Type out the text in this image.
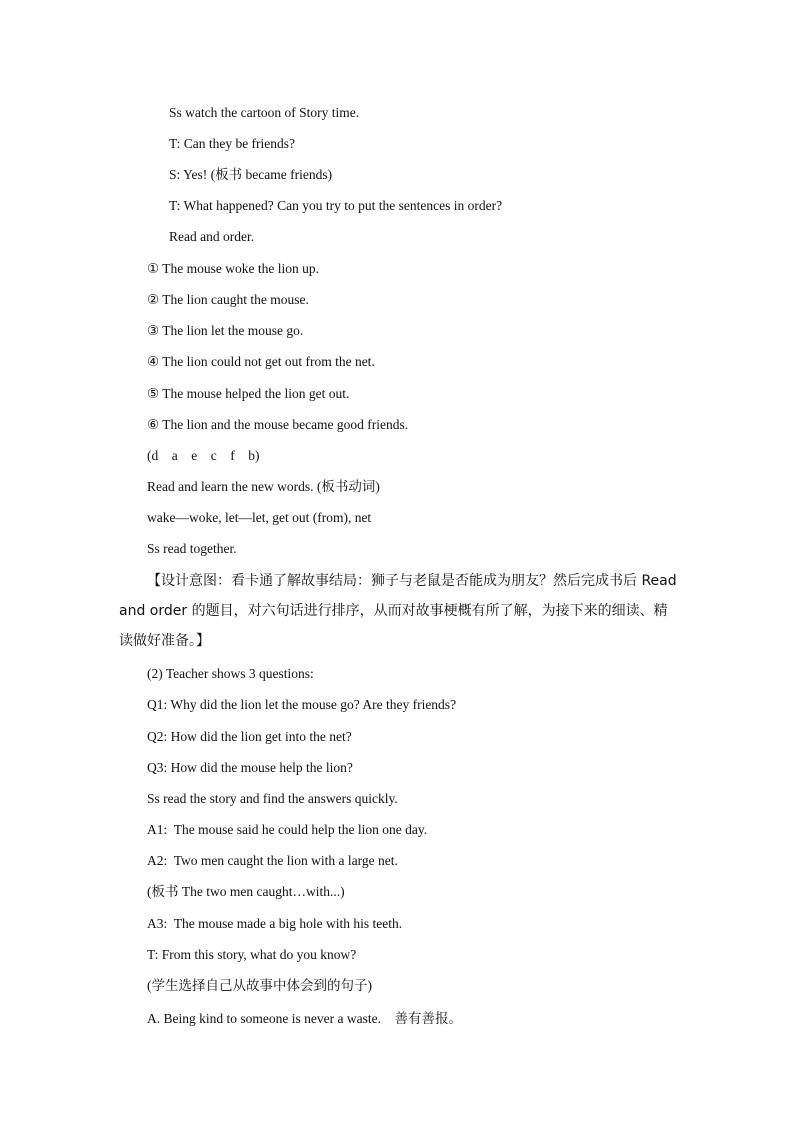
Ss watch the cartoon of Story time.
T: Can they be friends?
S: Yes! (板书 became friends)
T: What happened? Can you try to put the sentences in order?
Read and order.
① The mouse woke the lion up.
② The lion caught the mouse.
③ The lion let the mouse go.
④ The lion could not get out from the net.
⑤ The mouse helped the lion get out.
⑥ The lion and the mouse became good friends.
(d    a    e    c    f    b)
Read and learn the new words. (板书动词)
wake—woke, let—let, get out (from), net
Ss read together.
【设计意图：看卡通了解故事结局：狮子与老鼠是否能成为朋友？然后完成书后 Read and order 的题目，对六句话进行排序，从而对故事梗概有所了解，为接下来的细读、精读做好准备。】
(2) Teacher shows 3 questions:
Q1: Why did the lion let the mouse go? Are they friends?
Q2: How did the lion get into the net?
Q3: How did the mouse help the lion?
Ss read the story and find the answers quickly.
A1:  The mouse said he could help the lion one day.
A2:  Two men caught the lion with a large net.
(板书 The two men caught…with...)
A3:  The mouse made a big hole with his teeth.
T: From this story, what do you know?
(学生选择自己从故事中体会到的句子)
A. Being kind to someone is never a waste.    善有善报。
